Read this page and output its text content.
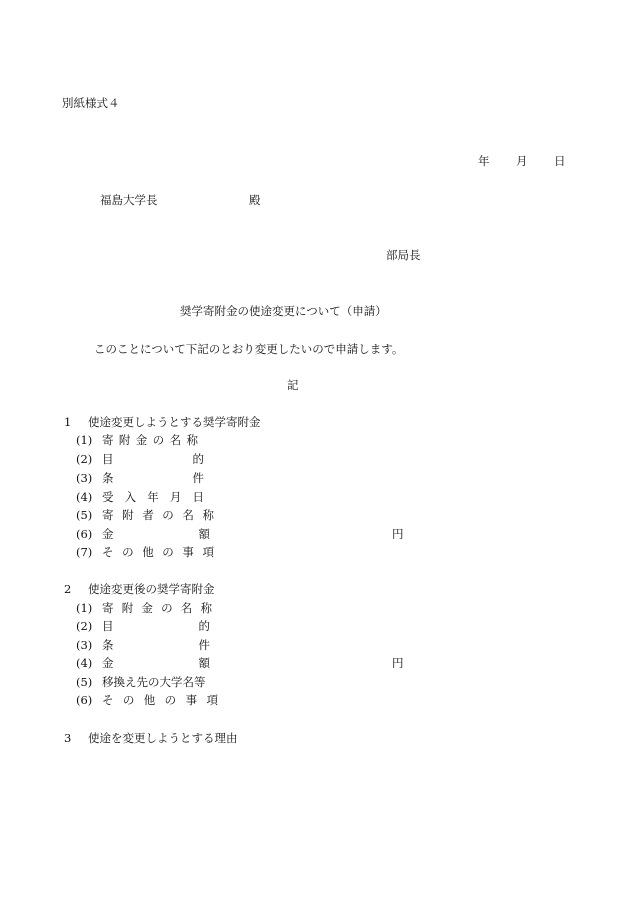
別紙様式４
年 月 日
福島大学長	殿
部局長
奨学寄附金の使途変更について（申請）
このことについて下記のとおり変更したいので申請します。
記
1 使途変更しようとする奨学寄附金
(1) 寄 附 金 の 名 称
(2) 目	的
(3) 条	件
(4) 受 入 年 月 日
(5) 寄 附 者 の 名 称
(6) 金	額	円
(7) そ の 他 の 事 項
2 使途変更後の奨学寄附金
(1) 寄 附 金 の 名 称
(2) 目	的
(3) 条	件
(4) 金	額	円
(5) 移換え先の大学名等
(6) そ の 他 の 事 項
3 使途を変更しようとする理由
